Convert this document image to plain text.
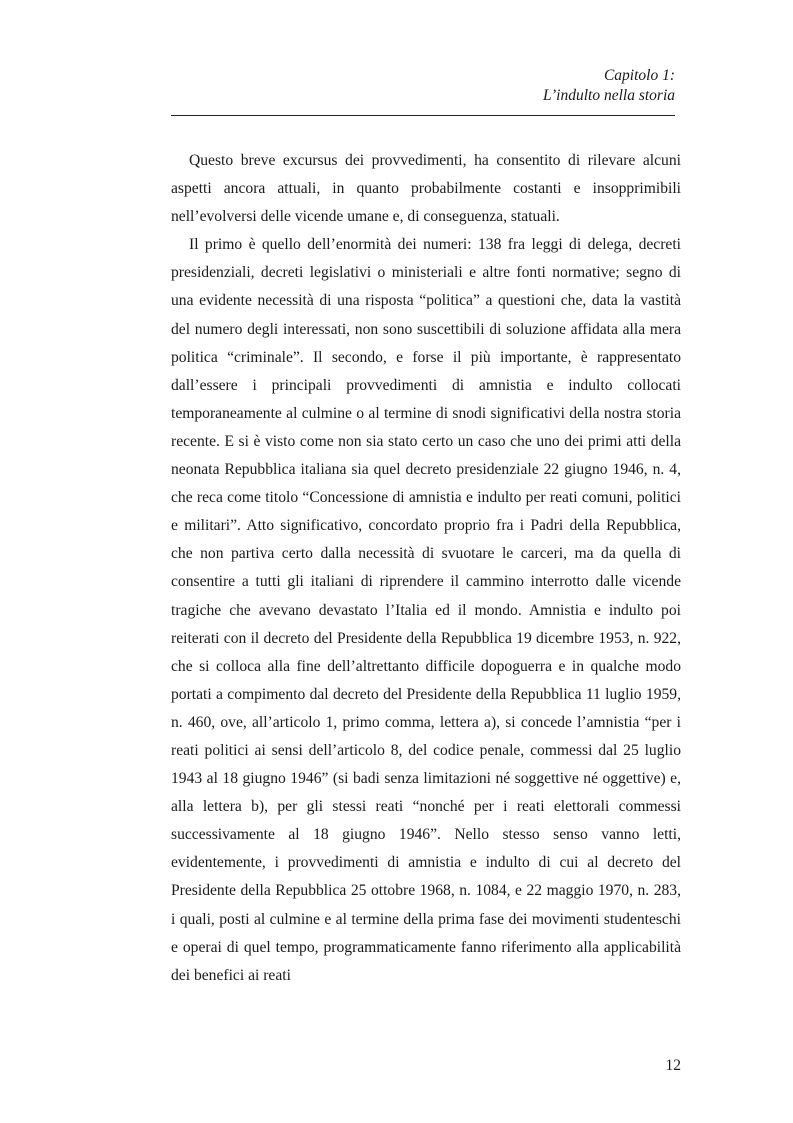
Capitolo 1:
L’indulto nella storia

Questo breve excursus dei provvedimenti, ha consentito di rilevare alcuni aspetti ancora attuali, in quanto probabilmente costanti e insopprimibili nell’evolversi delle vicende umane e, di conseguenza, statuali.

Il primo è quello dell’enormità dei numeri: 138 fra leggi di delega, decreti presidenziali, decreti legislativi o ministeriali e altre fonti normative; segno di una evidente necessità di una risposta “politica” a questioni che, data la vastità del numero degli interessati, non sono suscettibili di soluzione affidata alla mera politica “criminale”. Il secondo, e forse il più importante, è rappresentato dall’essere i principali provvedimenti di amnistia e indulto collocati temporaneamente al culmine o al termine di snodi significativi della nostra storia recente. E si è visto come non sia stato certo un caso che uno dei primi atti della neonata Repubblica italiana sia quel decreto presidenziale 22 giugno 1946, n. 4, che reca come titolo “Concessione di amnistia e indulto per reati comuni, politici e militari”. Atto significativo, concordato proprio fra i Padri della Repubblica, che non partiva certo dalla necessità di svuotare le carceri, ma da quella di consentire a tutti gli italiani di riprendere il cammino interrotto dalle vicende tragiche che avevano devastato l’Italia ed il mondo. Amnistia e indulto poi reiterati con il decreto del Presidente della Repubblica 19 dicembre 1953, n. 922, che si colloca alla fine dell’altrettanto difficile dopoguerra e in qualche modo portati a compimento dal decreto del Presidente della Repubblica 11 luglio 1959, n. 460, ove, all’articolo 1, primo comma, lettera a), si concede l’amnistia “per i reati politici ai sensi dell’articolo 8, del codice penale, commessi dal 25 luglio 1943 al 18 giugno 1946” (si badi senza limitazioni né soggettive né oggettive) e, alla lettera b), per gli stessi reati “nonché per i reati elettorali commessi successivamente al 18 giugno 1946”. Nello stesso senso vanno letti, evidentemente, i provvedimenti di amnistia e indulto di cui al decreto del Presidente della Repubblica 25 ottobre 1968, n. 1084, e 22 maggio 1970, n. 283, i quali, posti al culmine e al termine della prima fase dei movimenti studenteschi e operai di quel tempo, programmaticamente fanno riferimento alla applicabilità dei benefici ai reati

12
